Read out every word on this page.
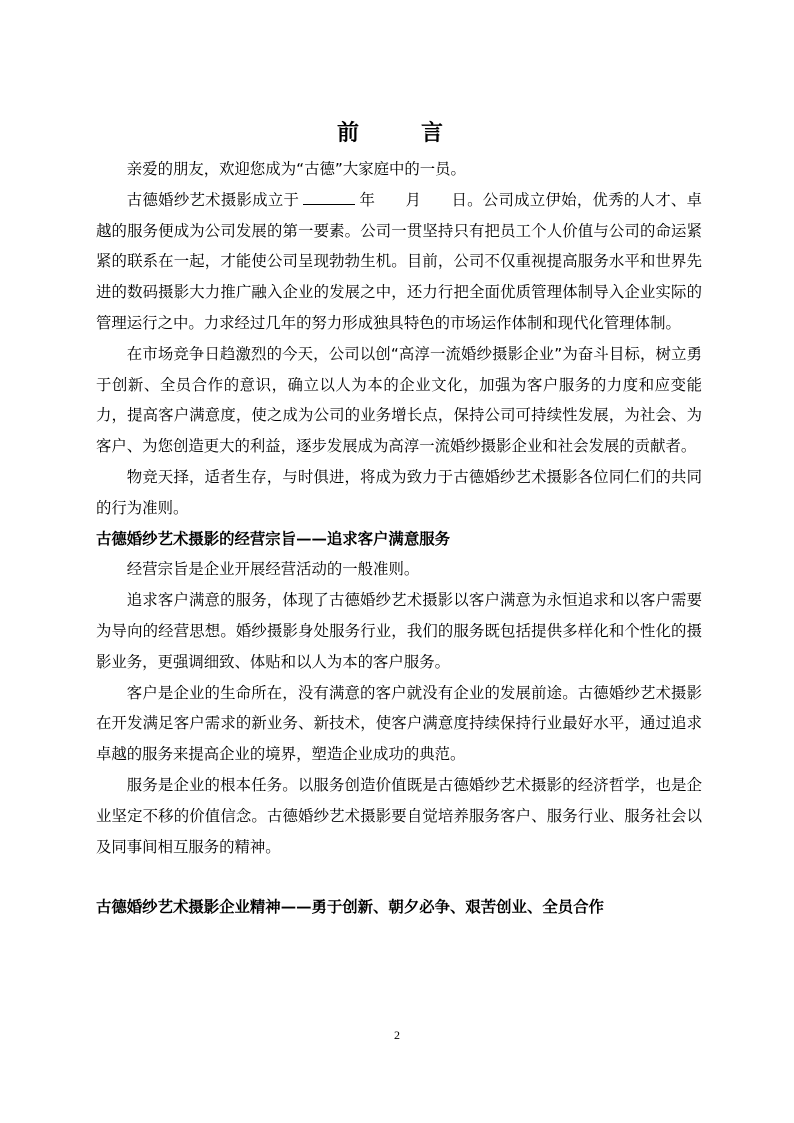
前　言

亲爱的朋友，欢迎您成为“古德”大家庭中的一员。

古德婚纱艺术摄影成立于	年 月 日。公司成立伊始，优秀的人才、卓越的服务便成为公司发展的第一要素。公司一贯坚持只有把员工个人价值与公司的命运紧紧的联系在一起，才能使公司呈现勃勃生机。目前，公司不仅重视提高服务水平和世界先进的数码摄影大力推广融入企业的发展之中，还力行把全面优质管理体制导入企业实际的管理运行之中。力求经过几年的努力形成独具特色的市场运作体制和现代化管理体制。

在市场竞争日趋激烈的今天，公司以创“高淳一流婚纱摄影企业”为奋斗目标，树立勇于创新、全员合作的意识，确立以人为本的企业文化，加强为客户服务的力度和应变能力，提高客户满意度，使之成为公司的业务增长点，保持公司可持续性发展，为社会、为客户、为您创造更大的利益，逐步发展成为高淳一流婚纱摄影企业和社会发展的贡献者。

物竞天择，适者生存，与时俱进，将成为致力于古德婚纱艺术摄影各位同仁们的共同的行为准则。

古德婚纱艺术摄影的经营宗旨——追求客户满意服务

经营宗旨是企业开展经营活动的一般准则。

追求客户满意的服务，体现了古德婚纱艺术摄影以客户满意为永恒追求和以客户需要为导向的经营思想。婚纱摄影身处服务行业，我们的服务既包括提供多样化和个性化的摄影业务，更强调细致、体贴和以人为本的客户服务。

客户是企业的生命所在，没有满意的客户就没有企业的发展前途。古德婚纱艺术摄影在开发满足客户需求的新业务、新技术，使客户满意度持续保持行业最好水平，通过追求卓越的服务来提高企业的境界，塑造企业成功的典范。

服务是企业的根本任务。以服务创造价值既是古德婚纱艺术摄影的经济哲学，也是企业坚定不移的价值信念。古德婚纱艺术摄影要自觉培养服务客户、服务行业、服务社会以及同事间相互服务的精神。

古德婚纱艺术摄影企业精神——勇于创新、朝夕必争、艰苦创业、全员合作
2
